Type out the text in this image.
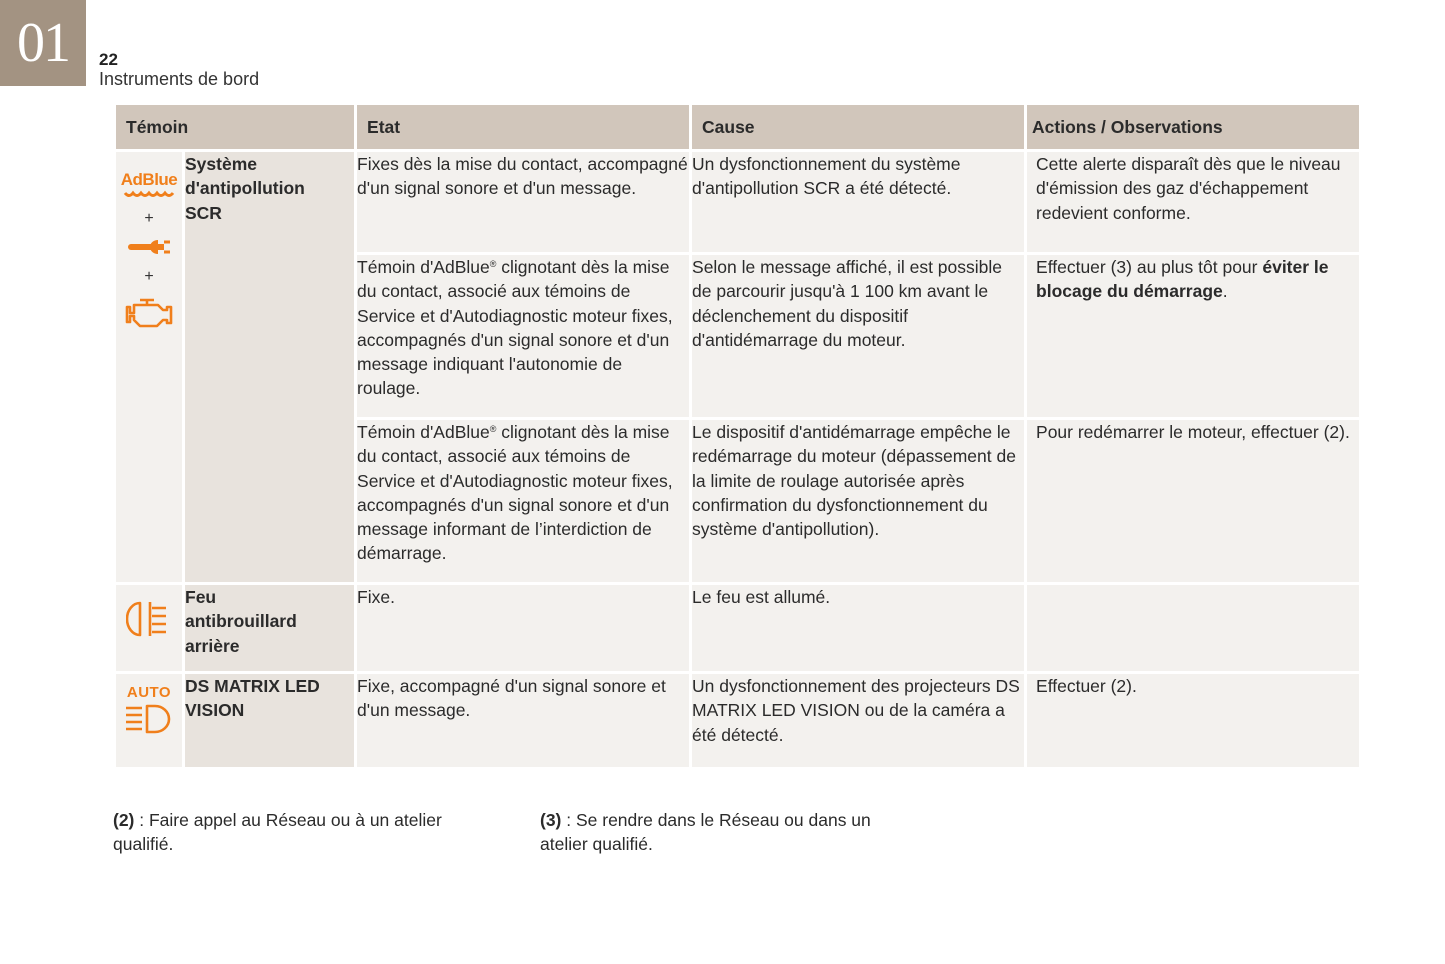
01	22
Instruments de bord
Témoin		Etat	Cause	Actions / Observations

AdBlue
+
+	Système
d'antipollution
SCR	Fixes dès la mise du contact, accompagné d'un signal sonore et d'un message.	Un dysfonctionnement du système d'antipollution SCR a été détecté.	Cette alerte disparaît dès que le niveau d'émission des gaz d'échappement redevient conforme.
		Témoin d'AdBlue® clignotant dès la mise du contact, associé aux témoins de Service et d'Autodiagnostic moteur fixes, accompagnés d'un signal sonore et d'un message indiquant l'autonomie de roulage.	Selon le message affiché, il est possible de parcourir jusqu'à 1 100 km avant le déclenchement du dispositif d'antidémarrage du moteur.	Effectuer (3) au plus tôt pour éviter le blocage du démarrage.
		Témoin d'AdBlue® clignotant dès la mise du contact, associé aux témoins de Service et d'Autodiagnostic moteur fixes, accompagnés d'un signal sonore et d'un message informant de l’interdiction de démarrage.	Le dispositif d'antidémarrage empêche le redémarrage du moteur (dépassement de la limite de roulage autorisée après confirmation du dysfonctionnement du système d'antipollution).	Pour redémarrer le moteur, effectuer (2).

	Feu
antibrouillard
arrière	Fixe.	Le feu est allumé.	

AUTO	DS MATRIX LED
VISION	Fixe, accompagné d'un signal sonore et d'un message.	Un dysfonctionnement des projecteurs DS MATRIX LED VISION ou de la caméra a été détecté.	Effectuer (2).
(2) : Faire appel au Réseau ou à un atelier qualifié.
(3) : Se rendre dans le Réseau ou dans un atelier qualifié.
